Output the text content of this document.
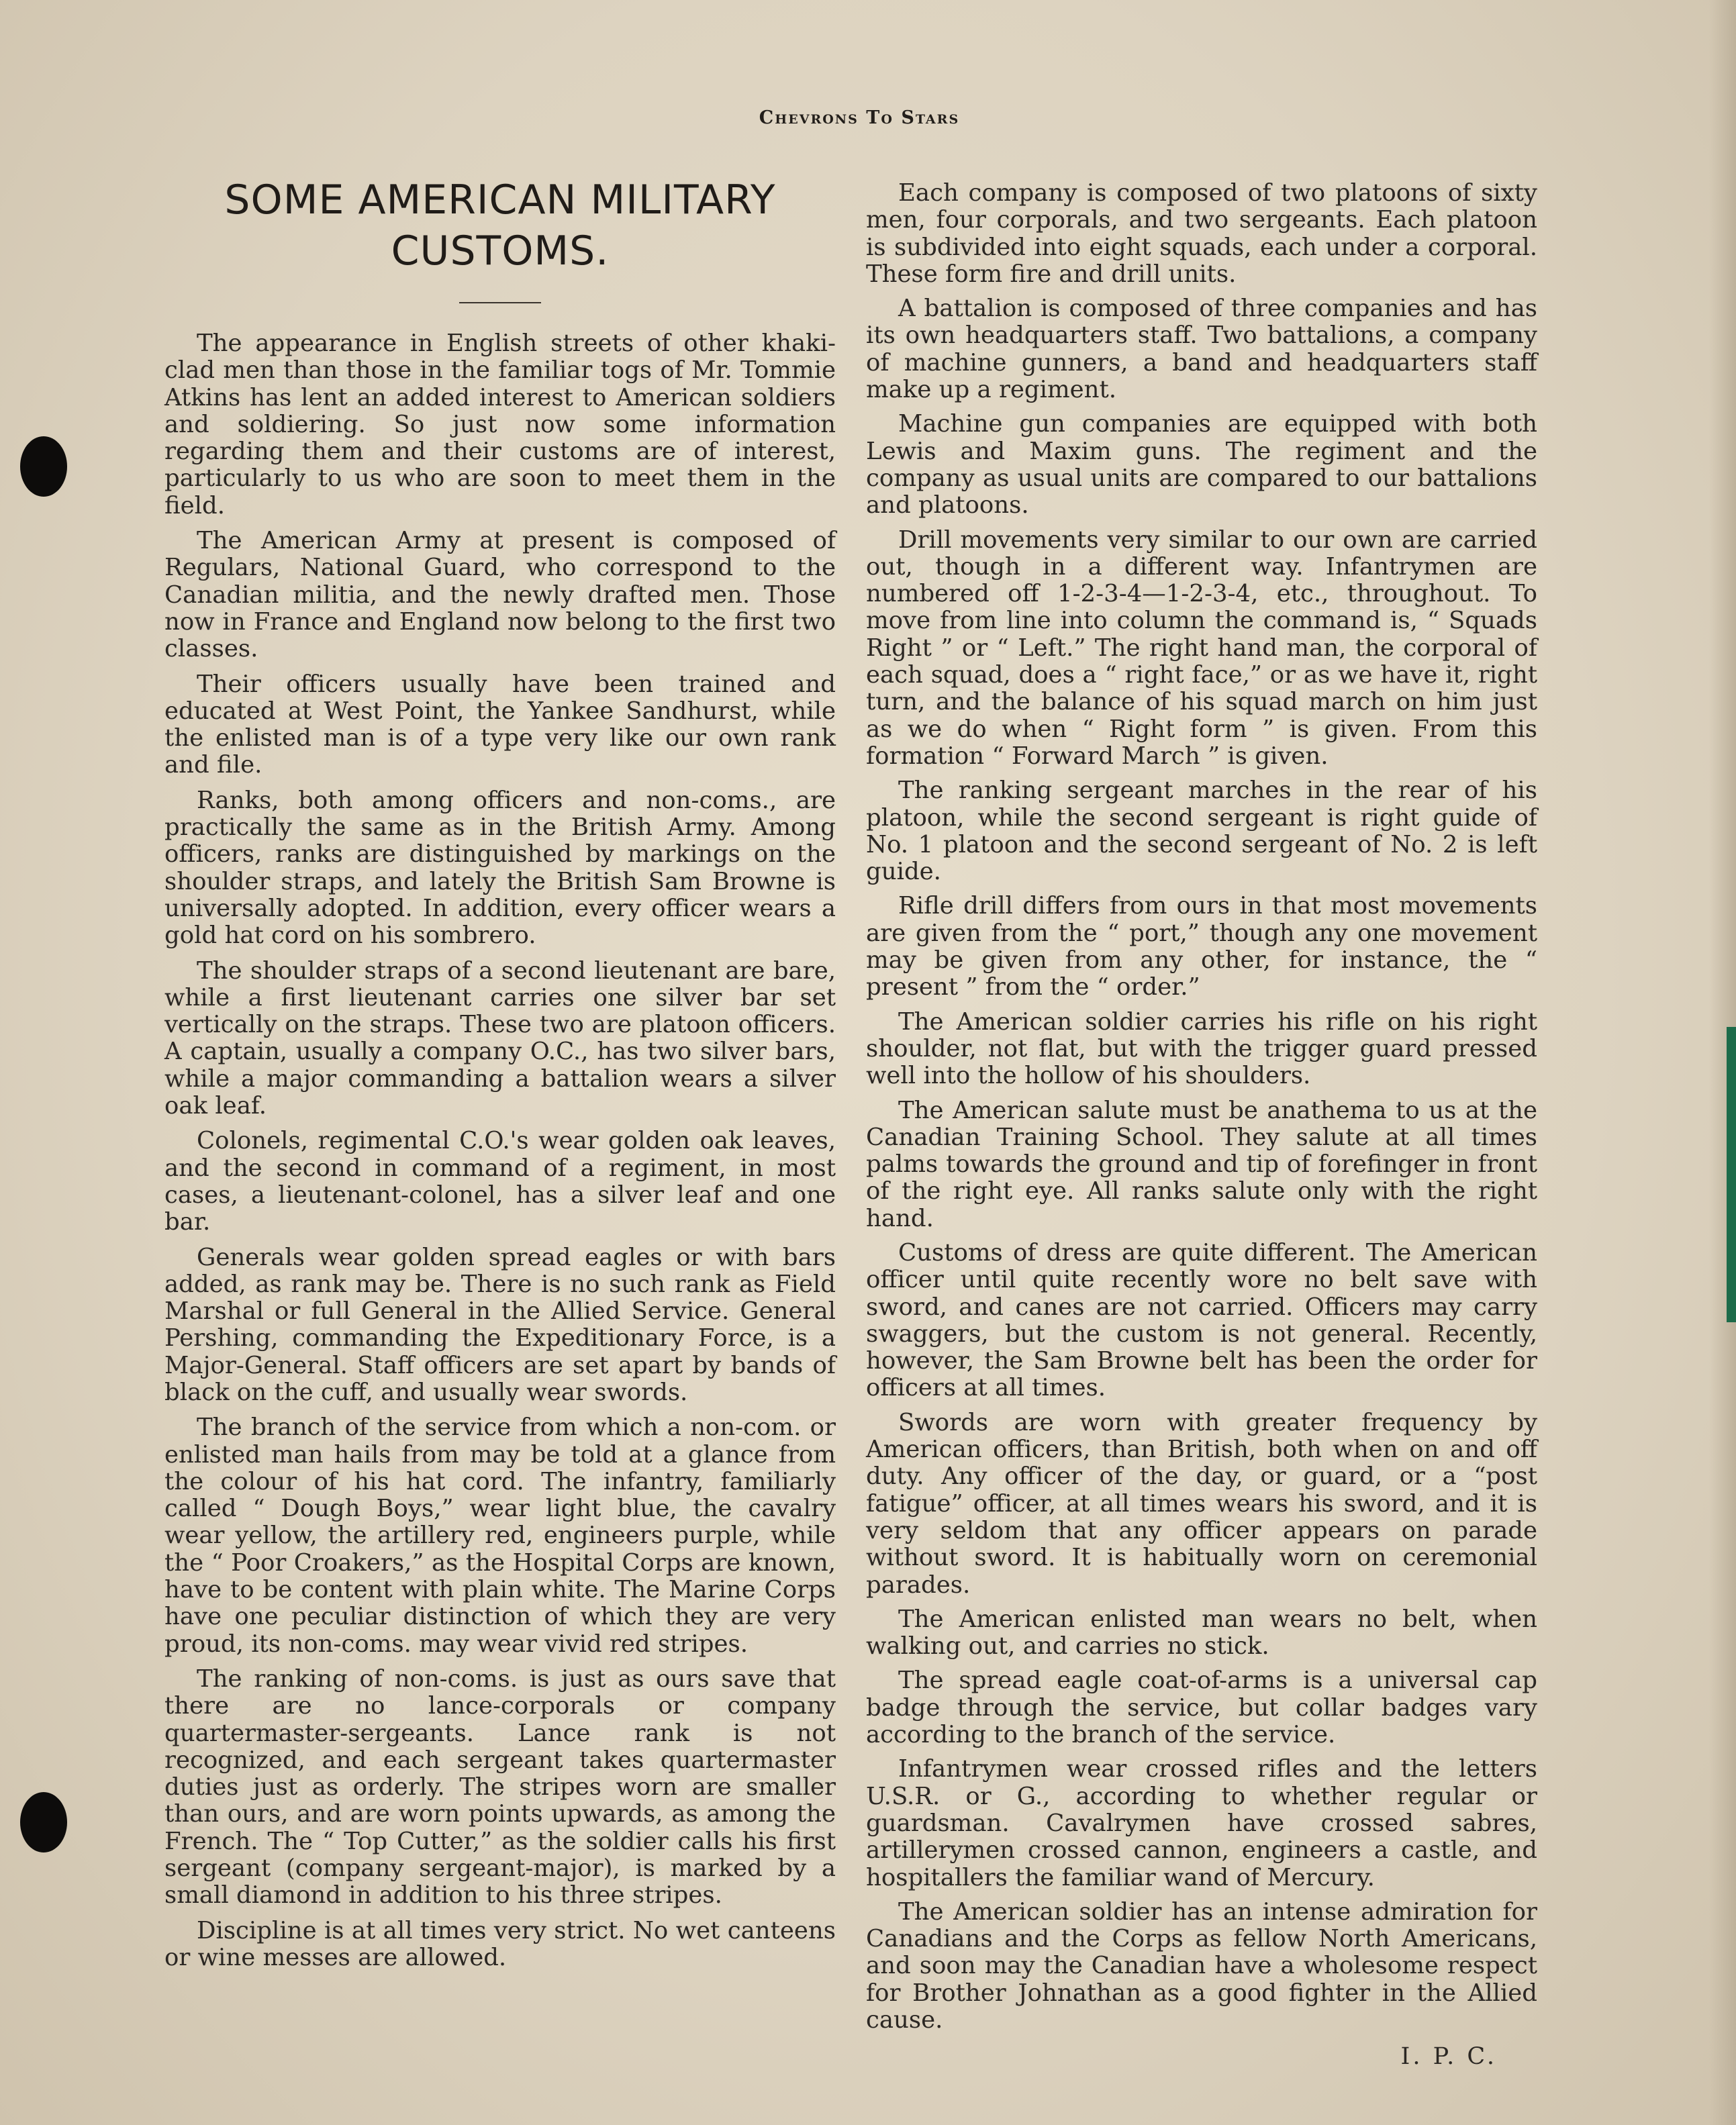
Chevrons To Stars
SOME AMERICAN MILITARY CUSTOMS.

The appearance in English streets of other khaki-clad men than those in the familiar togs of Mr. Tommie Atkins has lent an added interest to American soldiers and soldiering. So just now some information regarding them and their customs are of interest, particularly to us who are soon to meet them in the field.

The American Army at present is composed of Regulars, National Guard, who correspond to the Canadian militia, and the newly drafted men. Those now in France and England now belong to the first two classes.

Their officers usually have been trained and educated at West Point, the Yankee Sandhurst, while the enlisted man is of a type very like our own rank and file.

Ranks, both among officers and non-coms., are practically the same as in the British Army. Among officers, ranks are distinguished by markings on the shoulder straps, and lately the British Sam Browne is universally adopted. In addition, every officer wears a gold hat cord on his sombrero.

The shoulder straps of a second lieutenant are bare, while a first lieutenant carries one silver bar set vertically on the straps. These two are platoon officers. A captain, usually a company O.C., has two silver bars, while a major commanding a battalion wears a silver oak leaf.

Colonels, regimental C.O.'s wear golden oak leaves, and the second in command of a regiment, in most cases, a lieutenant-colonel, has a silver leaf and one bar.

Generals wear golden spread eagles or with bars added, as rank may be. There is no such rank as Field Marshal or full General in the Allied Service. General Pershing, commanding the Expeditionary Force, is a Major-General. Staff officers are set apart by bands of black on the cuff, and usually wear swords.

The branch of the service from which a non-com. or enlisted man hails from may be told at a glance from the colour of his hat cord. The infantry, familiarly called “ Dough Boys,” wear light blue, the cavalry wear yellow, the artillery red, engineers purple, while the “ Poor Croakers,” as the Hospital Corps are known, have to be content with plain white. The Marine Corps have one peculiar distinction of which they are very proud, its non-coms. may wear vivid red stripes.

The ranking of non-coms. is just as ours save that there are no lance-corporals or company quartermaster-sergeants. Lance rank is not recognized, and each sergeant takes quartermaster duties just as orderly. The stripes worn are smaller than ours, and are worn points upwards, as among the French. The “ Top Cutter,” as the soldier calls his first sergeant (company sergeant-major), is marked by a small diamond in addition to his three stripes.

Discipline is at all times very strict. No wet canteens or wine messes are allowed.

Each company is composed of two platoons of sixty men, four corporals, and two sergeants. Each platoon is subdivided into eight squads, each under a corporal. These form fire and drill units.

A battalion is composed of three companies and has its own headquarters staff. Two battalions, a company of machine gunners, a band and headquarters staff make up a regiment.

Machine gun companies are equipped with both Lewis and Maxim guns. The regiment and the company as usual units are compared to our battalions and platoons.

Drill movements very similar to our own are carried out, though in a different way. Infantrymen are numbered off 1-2-3-4—1-2-3-4, etc., throughout. To move from line into column the command is, “ Squads Right ” or “ Left.” The right hand man, the corporal of each squad, does a “ right face,” or as we have it, right turn, and the balance of his squad march on him just as we do when “ Right form ” is given. From this formation “ Forward March ” is given.

The ranking sergeant marches in the rear of his platoon, while the second sergeant is right guide of No. 1 platoon and the second sergeant of No. 2 is left guide.

Rifle drill differs from ours in that most movements are given from the “ port,” though any one movement may be given from any other, for instance, the “ present ” from the “ order.”

The American soldier carries his rifle on his right shoulder, not flat, but with the trigger guard pressed well into the hollow of his shoulders.

The American salute must be anathema to us at the Canadian Training School. They salute at all times palms towards the ground and tip of forefinger in front of the right eye. All ranks salute only with the right hand.

Customs of dress are quite different. The American officer until quite recently wore no belt save with sword, and canes are not carried. Officers may carry swaggers, but the custom is not general. Recently, however, the Sam Browne belt has been the order for officers at all times.

Swords are worn with greater frequency by American officers, than British, both when on and off duty. Any officer of the day, or guard, or a “post fatigue” officer, at all times wears his sword, and it is very seldom that any officer appears on parade without sword. It is habitually worn on ceremonial parades.

The American enlisted man wears no belt, when walking out, and carries no stick.

The spread eagle coat-of-arms is a universal cap badge through the service, but collar badges vary according to the branch of the service.

Infantrymen wear crossed rifles and the letters U.S.R. or G., according to whether regular or guardsman. Cavalrymen have crossed sabres, artillerymen crossed cannon, engineers a castle, and hospitallers the familiar wand of Mercury.

The American soldier has an intense admiration for Canadians and the Corps as fellow North Americans, and soon may the Canadian have a wholesome respect for Brother Johnathan as a good fighter in the Allied cause.

I. P. C.
